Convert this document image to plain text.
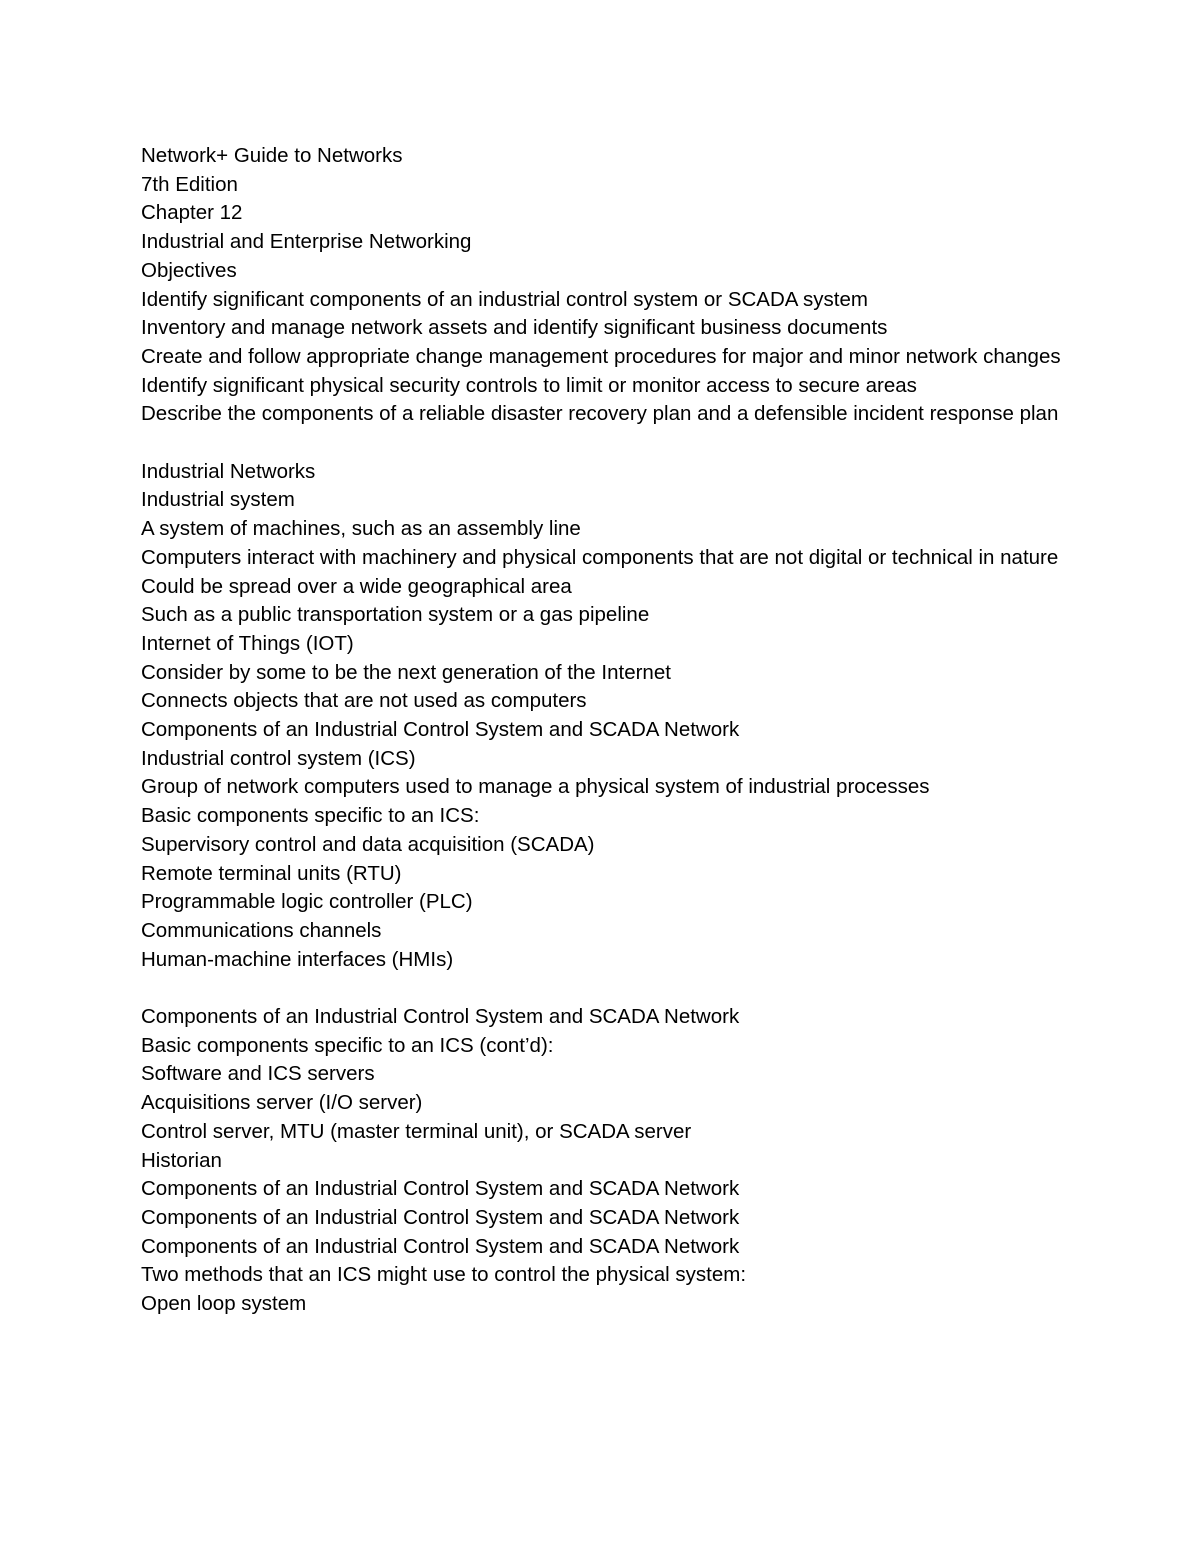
Network+ Guide to Networks
7th Edition
Chapter 12
Industrial and Enterprise Networking
Objectives
Identify significant components of an industrial control system or SCADA system
Inventory and manage network assets and identify significant business documents
Create and follow appropriate change management procedures for major and minor network changes
Identify significant physical security controls to limit or monitor access to secure areas
Describe the components of a reliable disaster recovery plan and a defensible incident response plan
Industrial Networks
Industrial system
A system of machines, such as an assembly line
Computers interact with machinery and physical components that are not digital or technical in nature
Could be spread over a wide geographical area
Such as a public transportation system or a gas pipeline
Internet of Things (IOT)
Consider by some to be the next generation of the Internet
Connects objects that are not used as computers
Components of an Industrial Control System and SCADA Network
Industrial control system (ICS)
Group of network computers used to manage a physical system of industrial processes
Basic components specific to an ICS:
Supervisory control and data acquisition (SCADA)
Remote terminal units (RTU)
Programmable logic controller (PLC)
Communications channels
Human-machine interfaces (HMIs)
Components of an Industrial Control System and SCADA Network
Basic components specific to an ICS (cont’d):
Software and ICS servers
Acquisitions server (I/O server)
Control server, MTU (master terminal unit), or SCADA server
Historian
Components of an Industrial Control System and SCADA Network
Components of an Industrial Control System and SCADA Network
Components of an Industrial Control System and SCADA Network
Two methods that an ICS might use to control the physical system:
Open loop system
